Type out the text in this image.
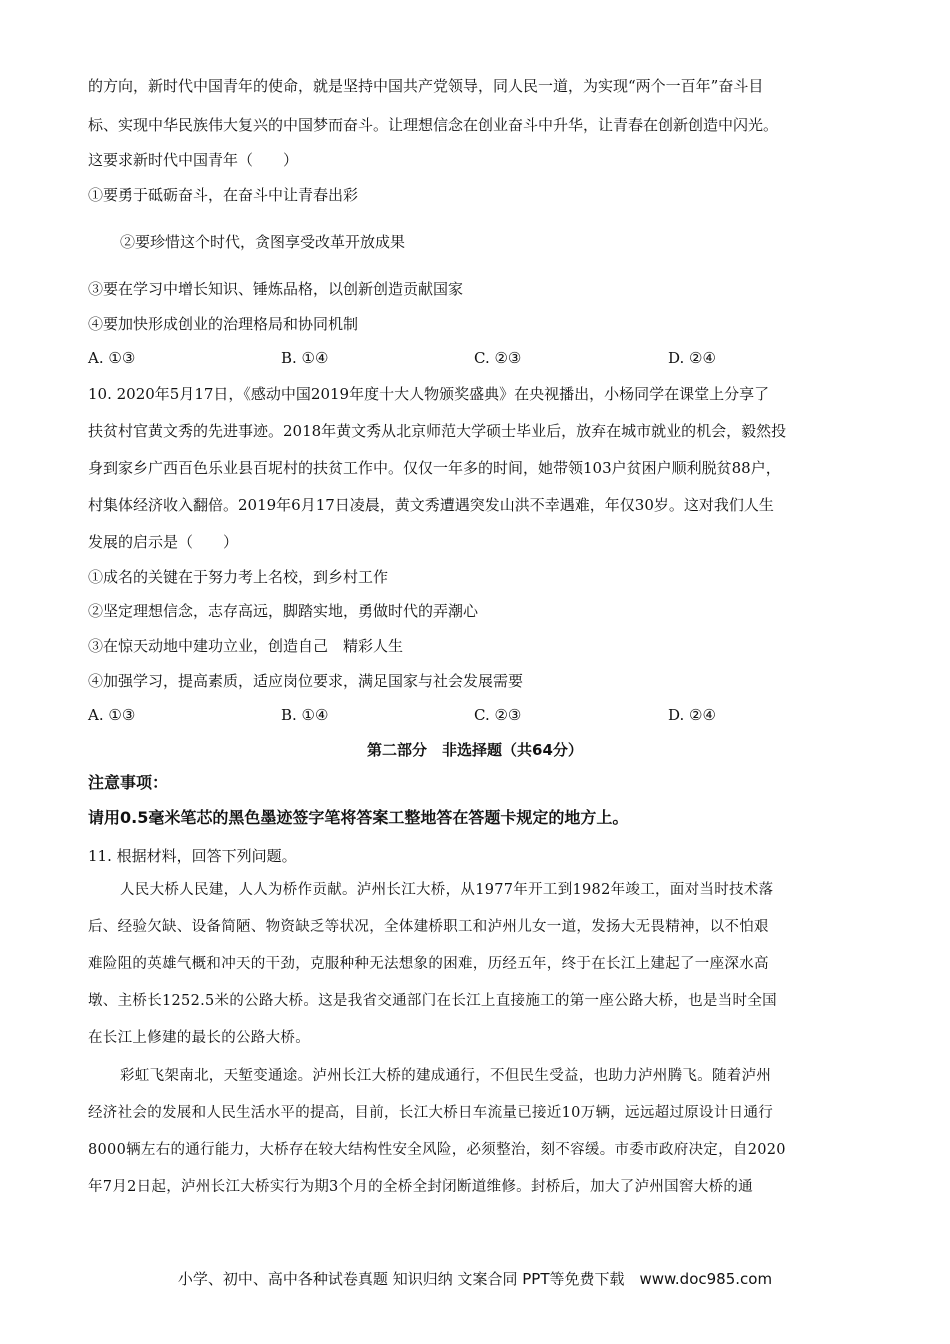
的方向，新时代中国青年的使命，就是坚持中国共产党领导，同人民一道，为实现“两个一百年”奋斗目
标、实现中华民族伟大复兴的中国梦而奋斗。让理想信念在创业奋斗中升华，让青春在创新创造中闪光。
这要求新时代中国青年（　　）
①要勇于砥砺奋斗，在奋斗中让青春出彩
②要珍惜这个时代，贪图享受改革开放成果
③要在学习中增长知识、锤炼品格，以创新创造贡献国家
④要加快形成创业的治理格局和协同机制
A. ①③	B. ①④	C. ②③	D. ②④
10. 2020年5月17日，《感动中国2019年度十大人物颁奖盛典》在央视播出，小杨同学在课堂上分享了
扶贫村官黄文秀的先进事迹。2018年黄文秀从北京师范大学硕士毕业后，放弃在城市就业的机会，毅然投
身到家乡广西百色乐业县百坭村的扶贫工作中。仅仅一年多的时间，她带领103户贫困户顺利脱贫88户，
村集体经济收入翻倍。2019年6月17日凌晨，黄文秀遭遇突发山洪不幸遇难，年仅30岁。这对我们人生
发展的启示是（　　）
①成名的关键在于努力考上名校，到乡村工作
②坚定理想信念，志存高远，脚踏实地，勇做时代的弄潮心
③在惊天动地中建功立业，创造自己　精彩人生
④加强学习，提高素质，适应岗位要求，满足国家与社会发展需要
A. ①③	B. ①④	C. ②③	D. ②④
第二部分　非选择题（共64分）
注意事项：
请用0.5毫米笔芯的黑色墨迹签字笔将答案工整地答在答题卡规定的地方上。
11. 根据材料，回答下列问题。
人民大桥人民建，人人为桥作贡献。泸州长江大桥，从1977年开工到1982年竣工，面对当时技术落
后、经验欠缺、设备简陋、物资缺乏等状况，全体建桥职工和泸州儿女一道，发扬大无畏精神，以不怕艰
难险阻的英雄气概和冲天的干劲，克服种种无法想象的困难，历经五年，终于在长江上建起了一座深水高
墩、主桥长1252.5米的公路大桥。这是我省交通部门在长江上直接施工的第一座公路大桥，也是当时全国
在长江上修建的最长的公路大桥。
彩虹飞架南北，天堑变通途。泸州长江大桥的建成通行，不但民生受益，也助力泸州腾飞。随着泸州
经济社会的发展和人民生活水平的提高，目前，长江大桥日车流量已接近10万辆，远远超过原设计日通行
8000辆左右的通行能力，大桥存在较大结构性安全风险，必须整治，刻不容缓。市委市政府决定，自2020
年7月2日起，泸州长江大桥实行为期3个月的全桥全封闭断道维修。封桥后，加大了泸州国窖大桥的通
小学、初中、高中各种试卷真题 知识归纳 文案合同 PPT等免费下载　www.doc985.com
